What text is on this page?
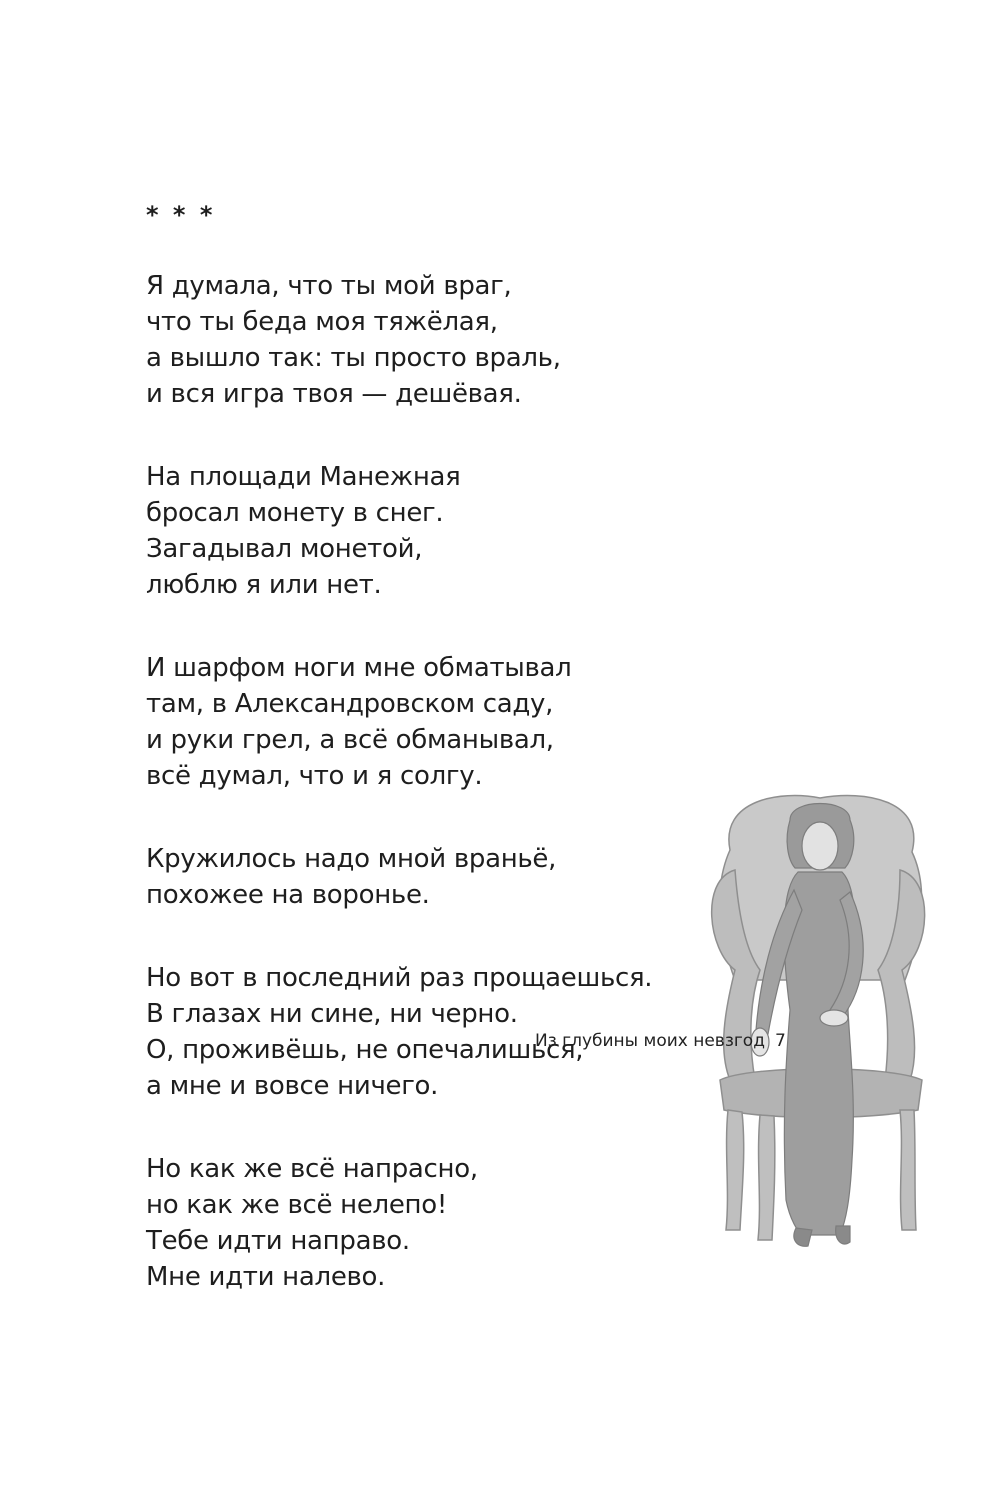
* * *
Я думала, что ты мой враг,
что ты беда моя тяжёлая,
а вышло так: ты просто враль,
и вся игра твоя — дешёвая.
На площади Манежная
бросал монету в снег.
Загадывал монетой,
люблю я или нет.
И шарфом ноги мне обматывал
там, в Александровском саду,
и руки грел, а всё обманывал,
всё думал, что и я солгу.
Кружилось надо мной враньё,
похожее на воронье.
Но вот в последний раз прощаешься.
В глазах ни сине, ни черно.
О, проживёшь, не опечалишься,
а мне и вовсе ничего.
Но как же всё напрасно,
но как же всё нелепо!
Тебе идти направо.
Мне идти налево.
Из глубины моих невзгод 7
